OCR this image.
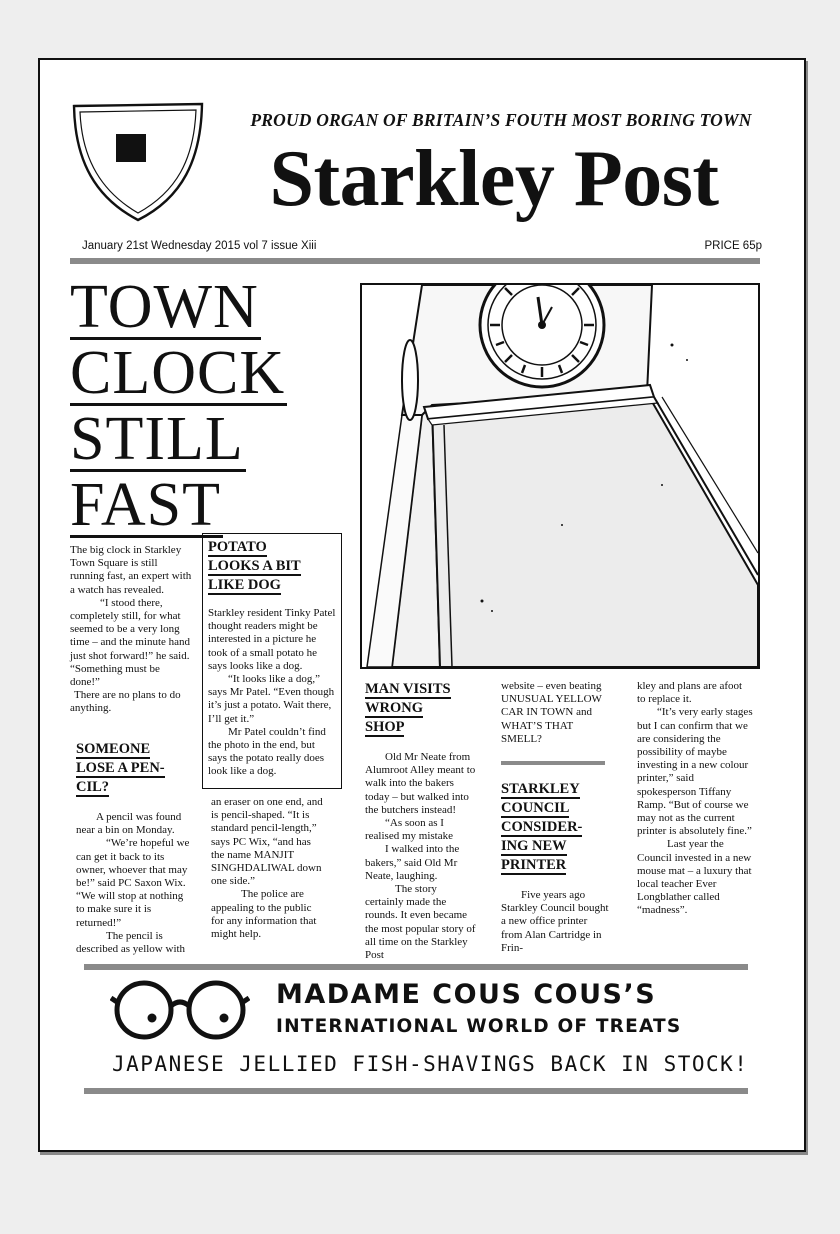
PROUD ORGAN OF BRITAIN’S FOUTH MOST BORING TOWN
Starkley Post
January 21st Wednesday 2015 vol 7 issue Xiii	PRICE 65p
TOWN
CLOCK
STILL
FAST

The big clock in Starkley Town Square is still running fast, an expert with a watch has revealed.

“I stood there, completely still, for what seemed to be a very long time – and the minute hand just shot forward!” he said. “Something must be done!”

There are no plans to do anything.

POTATO
LOOKS A BIT
LIKE DOG

Starkley resident Tinky Patel thought readers might be interested in a picture he took of a small potato he says looks like a dog.

“It looks like a dog,” says Mr Patel. “Even though it’s just a potato. Wait there, I’ll get it.”

Mr Patel couldn’t find the photo in the end, but says the potato really does look like a dog.

SOMEONE
LOSE A PEN-
CIL?

A pencil was found near a bin on Monday.

“We’re hopeful we can get it back to its owner, whoever that may be!” said PC Saxon Wix. “We will stop at nothing to make sure it is returned!”

The pencil is described as yellow with

an eraser on one end, and is pencil-shaped. “It is standard pencil-length,” says PC Wix, “and has the name MANJIT SINGHDALIWAL down one side.”

The police are appealing to the public for any information that might help.

MAN VISITS
WRONG
SHOP

Old Mr Neate from Alumroot Alley meant to walk into the bakers today – but walked into the butchers instead!

“As soon as I realised my mistake

I walked into the bakers,” said Old Mr Neate, laughing.

The story certainly made the rounds. It even became the most popular story of all time on the Starkley Post

website – even beating UNUSUAL YELLOW CAR IN TOWN and WHAT’S THAT SMELL?

STARKLEY
COUNCIL
CONSIDER-
ING NEW
PRINTER

Five years ago Starkley Council bought a new office printer from Alan Cartridge in Frin-

kley and plans are afoot to replace it.

“It’s very early stages but I can confirm that we are considering the possibility of maybe investing in a new colour printer,” said spokesperson Tiffany Ramp. “But of course we may not as the current printer is absolutely fine.”

Last year the Council invested in a new mouse mat – a luxury that local teacher Ever Longblather called “madness”.

MADAME COUS COUS’S
INTERNATIONAL WORLD OF TREATS
JAPANESE JELLIED FISH-SHAVINGS BACK IN STOCK!
